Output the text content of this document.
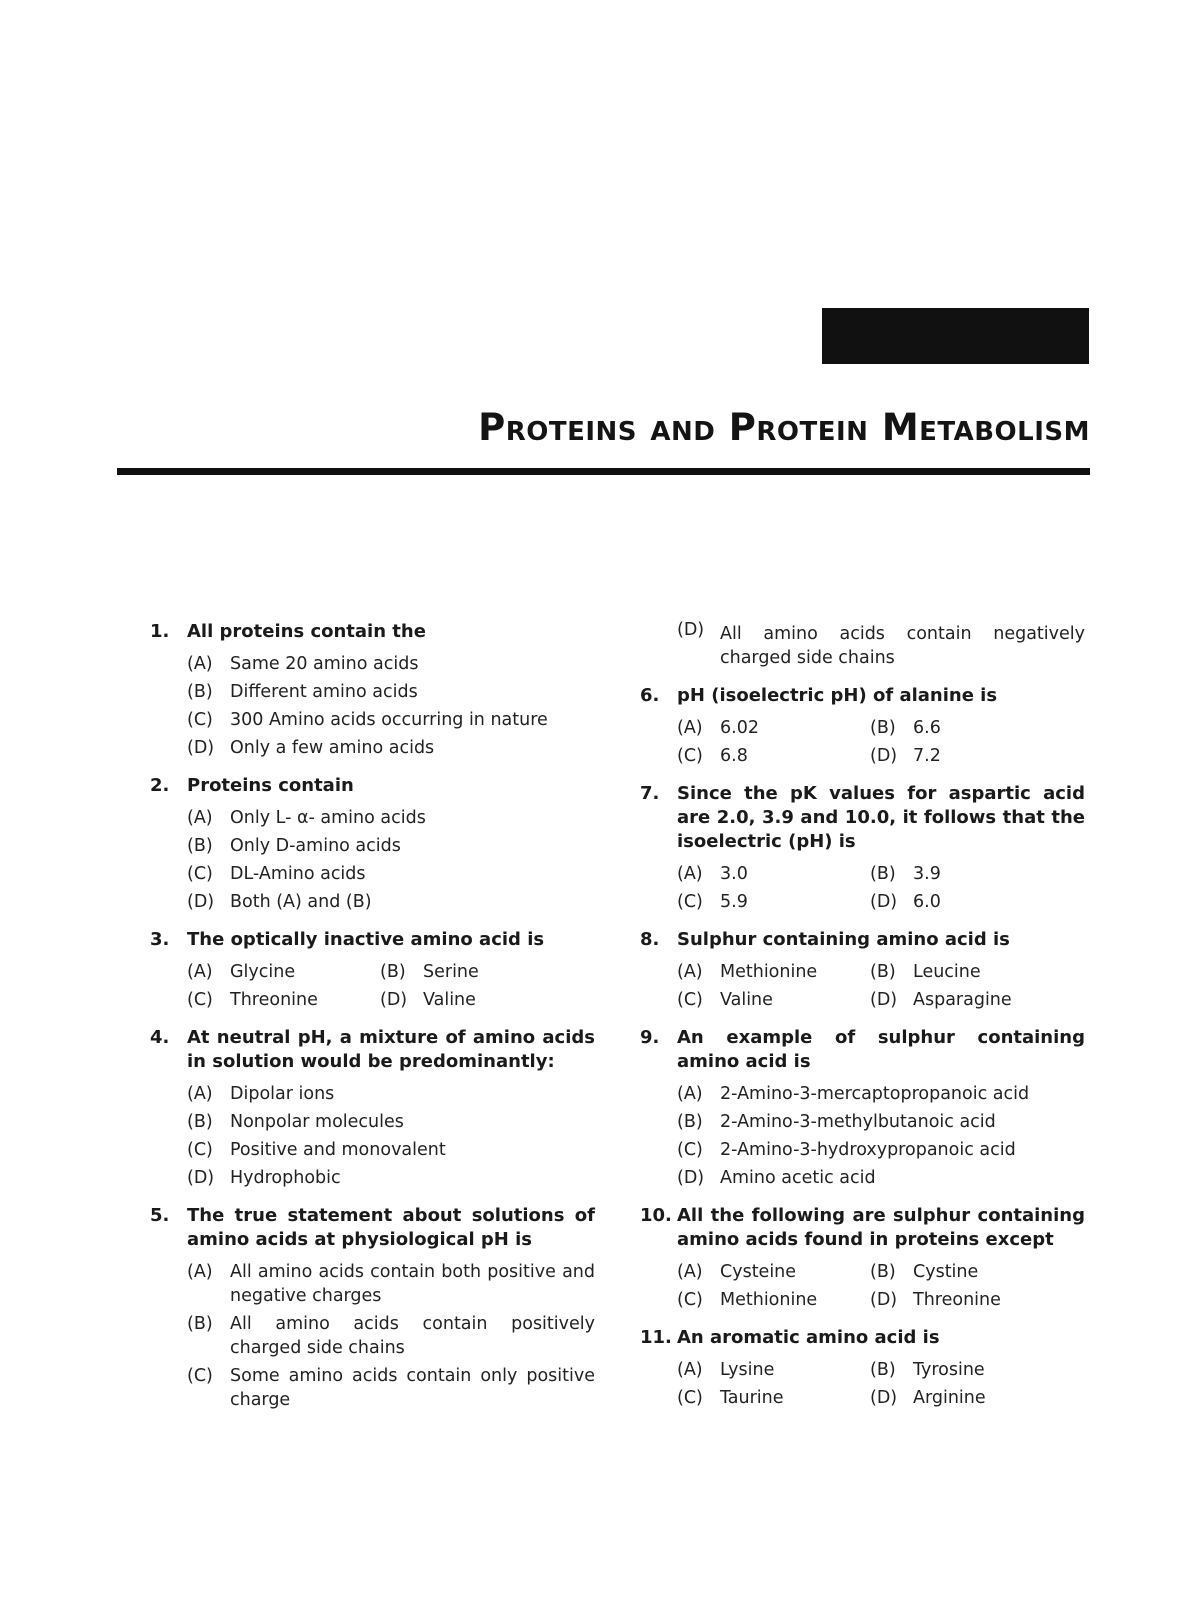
Proteins and Protein Metabolism
1. All proteins contain the
(A) Same 20 amino acids
(B) Different amino acids
(C) 300 Amino acids occurring in nature
(D) Only a few amino acids
2. Proteins contain
(A) Only L- α- amino acids
(B) Only D-amino acids
(C) DL-Amino acids
(D) Both (A) and (B)
3. The optically inactive amino acid is
(A) Glycine	(B) Serine
(C) Threonine	(D) Valine
4. At neutral pH, a mixture of amino acids in solution would be predominantly:
(A) Dipolar ions
(B) Nonpolar molecules
(C) Positive and monovalent
(D) Hydrophobic
5. The true statement about solutions of amino acids at physiological pH is
(A) All amino acids contain both positive and negative charges
(B) All amino acids contain positively charged side chains
(C) Some amino acids contain only positive charge
(D) All amino acids contain negatively charged side chains
6. pH (isoelectric pH) of alanine is
(A) 6.02	(B) 6.6
(C) 6.8	(D) 7.2
7. Since the pK values for aspartic acid are 2.0, 3.9 and 10.0, it follows that the isoelectric (pH) is
(A) 3.0	(B) 3.9
(C) 5.9	(D) 6.0
8. Sulphur containing amino acid is
(A) Methionine	(B) Leucine
(C) Valine	(D) Asparagine
9. An example of sulphur containing amino acid is
(A) 2-Amino-3-mercaptopropanoic acid
(B) 2-Amino-3-methylbutanoic acid
(C) 2-Amino-3-hydroxypropanoic acid
(D) Amino acetic acid
10. All the following are sulphur containing amino acids found in proteins except
(A) Cysteine	(B) Cystine
(C) Methionine	(D) Threonine
11. An aromatic amino acid is
(A) Lysine	(B) Tyrosine
(C) Taurine	(D) Arginine
